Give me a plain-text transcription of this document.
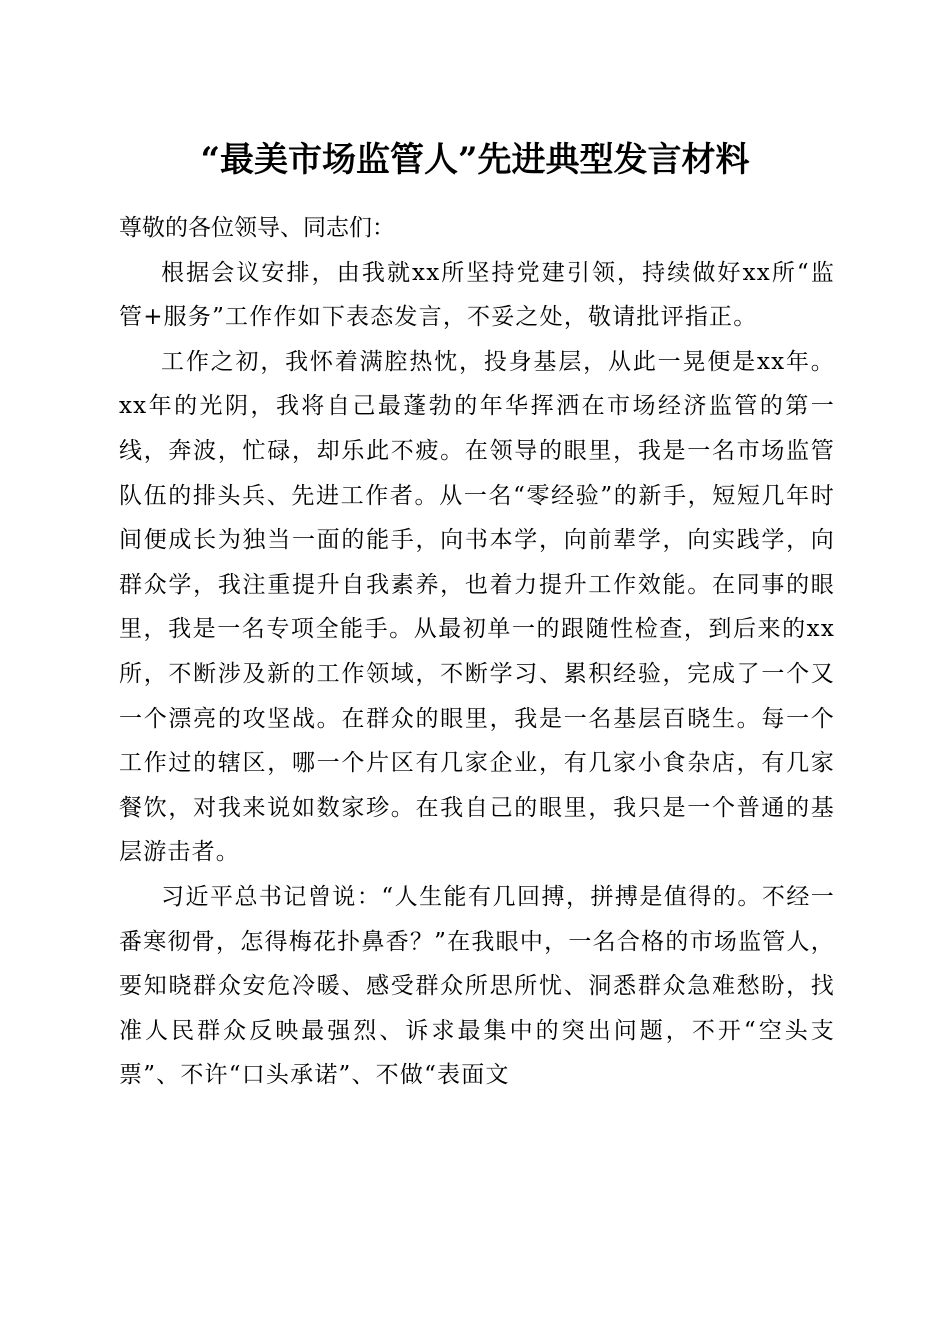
“最美市场监管人”先进典型发言材料

尊敬的各位领导、同志们：

根据会议安排，由我就xx所坚持党建引领，持续做好xx所“监管+服务”工作作如下表态发言，不妥之处，敬请批评指正。

工作之初，我怀着满腔热忱，投身基层，从此一晃便是xx年。xx年的光阴，我将自己最蓬勃的年华挥洒在市场经济监管的第一线，奔波，忙碌，却乐此不疲。在领导的眼里，我是一名市场监管队伍的排头兵、先进工作者。从一名“零经验”的新手，短短几年时间便成长为独当一面的能手，向书本学，向前辈学，向实践学，向群众学，我注重提升自我素养，也着力提升工作效能。在同事的眼里，我是一名专项全能手。从最初单一的跟随性检查，到后来的xx所，不断涉及新的工作领域，不断学习、累积经验，完成了一个又一个漂亮的攻坚战。在群众的眼里，我是一名基层百晓生。每一个工作过的辖区，哪一个片区有几家企业，有几家小食杂店，有几家餐饮，对我来说如数家珍。在我自己的眼里，我只是一个普通的基层游击者。

习近平总书记曾说：“人生能有几回搏，拼搏是值得的。不经一番寒彻骨，怎得梅花扑鼻香？”在我眼中，一名合格的市场监管人，要知晓群众安危冷暖、感受群众所思所忧、洞悉群众急难愁盼，找准人民群众反映最强烈、诉求最集中的突出问题，不开“空头支票”、不许“口头承诺”、不做“表面文
